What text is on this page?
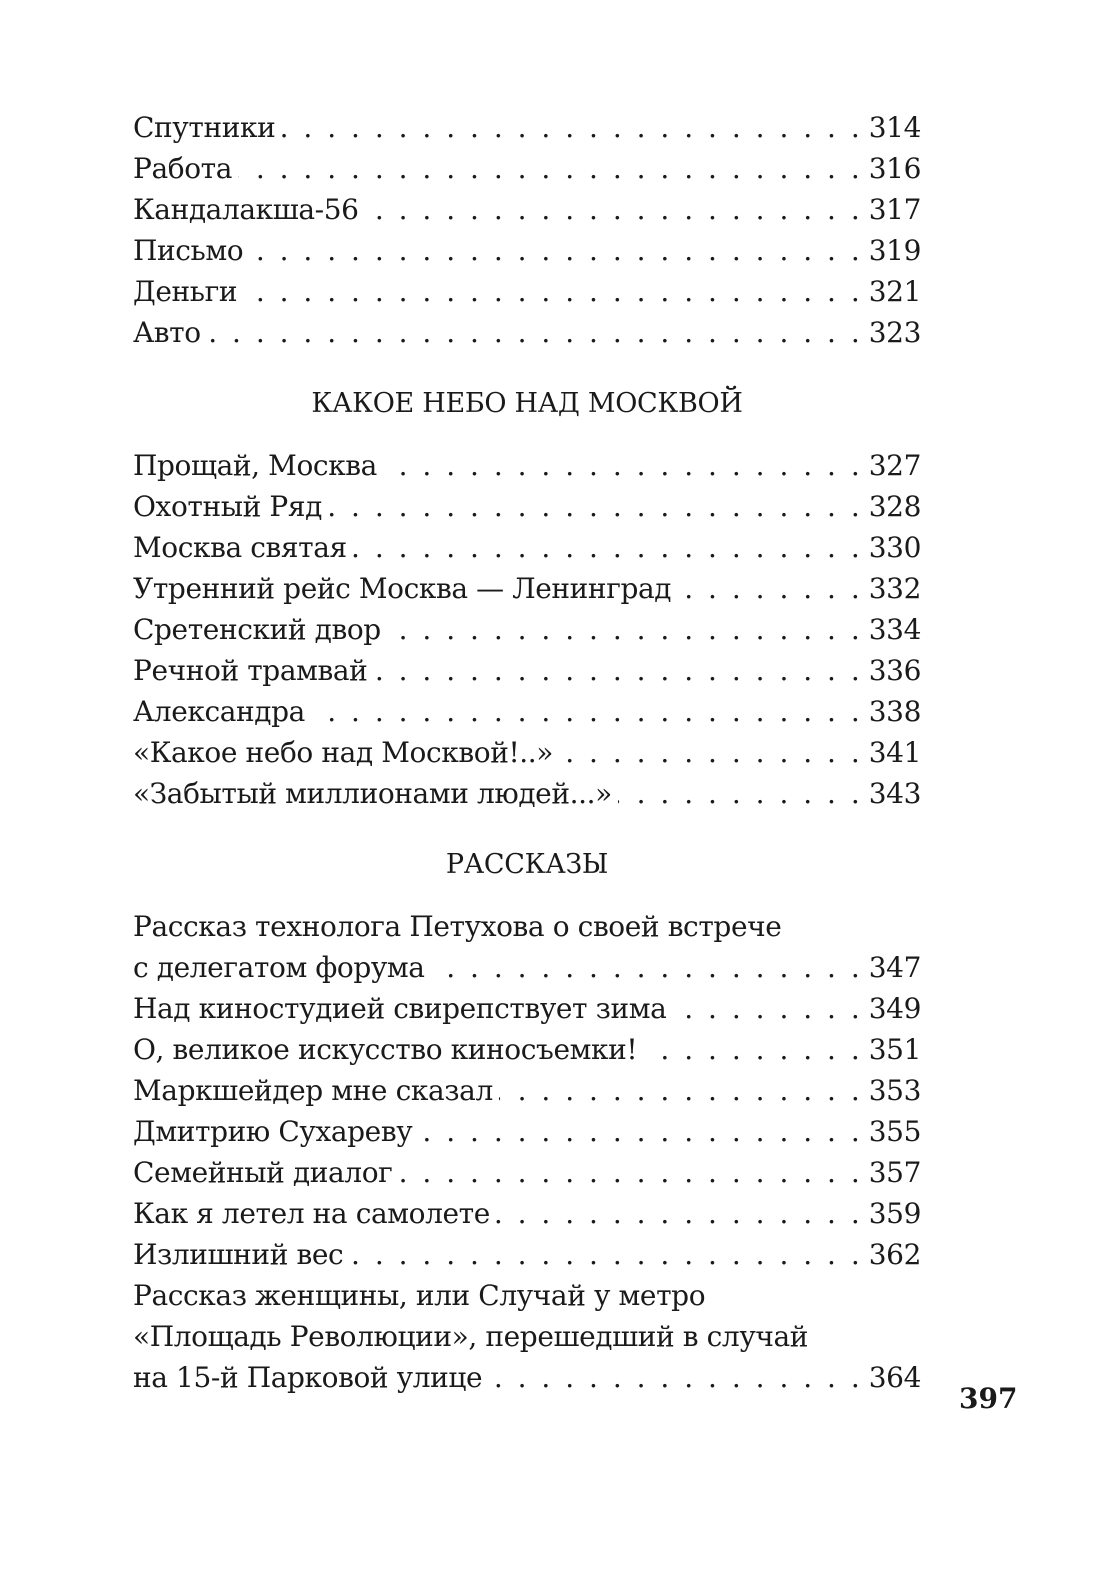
Спутники . . .	314
Работа . . .	316
Кандалакша-56 . . .	317
Письмо . . .	319
Деньги . . .	321
Авто . . .	323
КАКОЕ НЕБО НАД МОСКВОЙ
Прощай, Москва . . .	327
Охотный Ряд . . .	328
Москва святая . . .	330
Утренний рейс Москва — Ленинград . . .	332
Сретенский двор . . .	334
Речной трамвай . . .	336
Александра . . .	338
«Какое небо над Москвой!..» . . .	341
«Забытый миллионами людей...» . . .	343
РАССКАЗЫ
Рассказ технолога Петухова о своей встрече
с делегатом форума . . .	347
Над киностудией свирепствует зима . . .	349
О, великое искусство киносъемки! . . .	351
Маркшейдер мне сказал . . .	353
Дмитрию Сухареву . . .	355
Семейный диалог . . .	357
Как я летел на самолете . . .	359
Излишний вес . . .	362
Рассказ женщины, или Случай у метро
«Площадь Революции», перешедший в случай
на 15-й Парковой улице . . .	364
397
